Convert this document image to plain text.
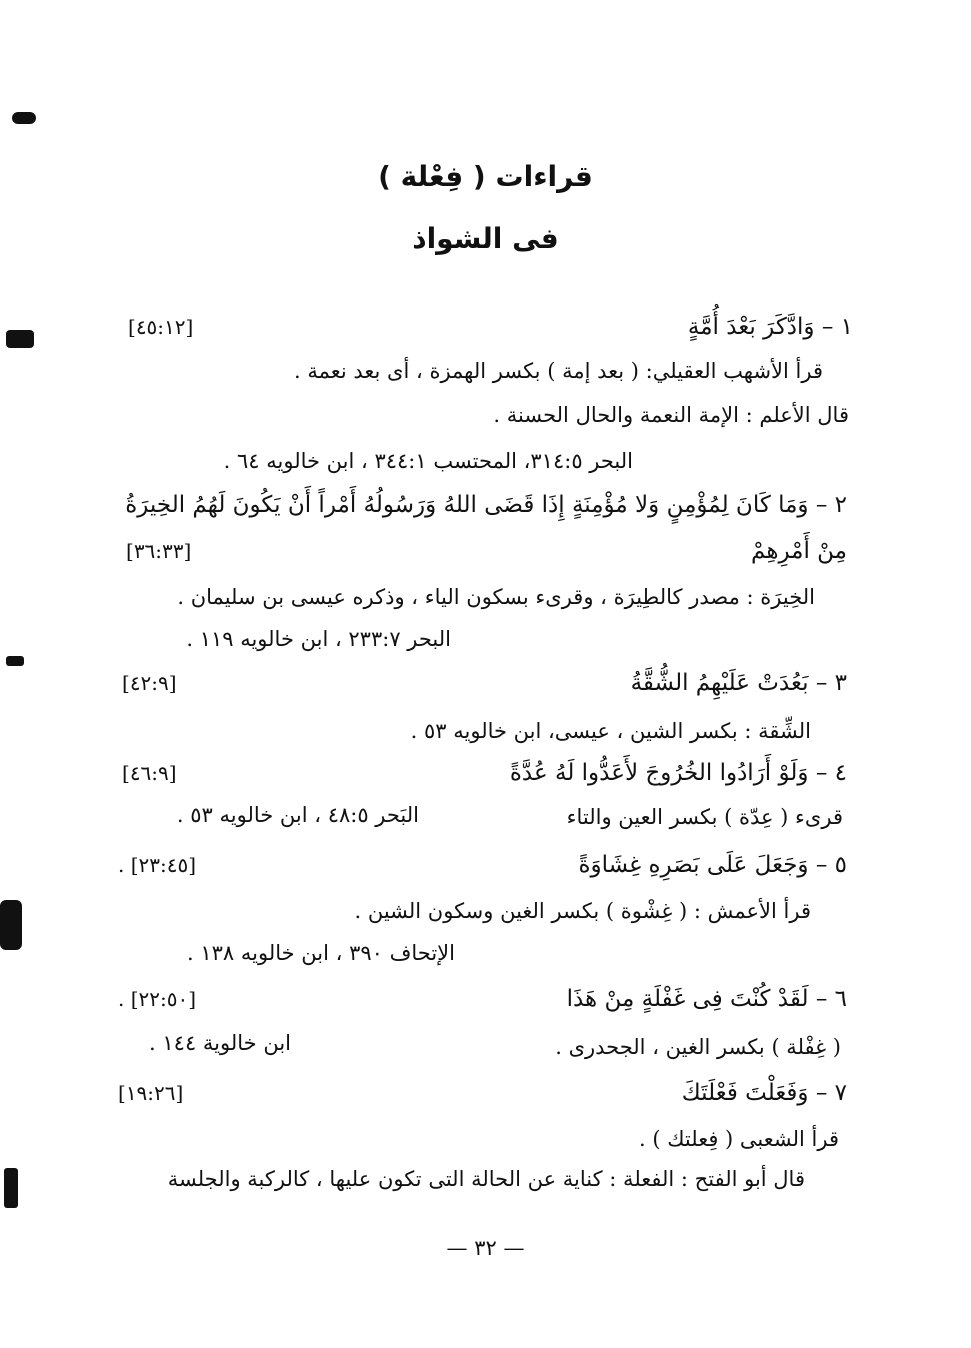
قراءات ( فِعْلة )
فى الشواذ
١ – وَادَّكَرَ بَعْدَ أُمَّةٍ
[٤٥:١٢]
قرأ الأشهب العقيلي: ( بعد إمة ) بكسر الهمزة ، أى بعد نعمة .
قال الأعلم : الإمة النعمة والحال الحسنة .
البحر ٣١٤:٥، المحتسب ٣٤٤:١ ، ابن خالويه ٦٤ .
٢ – وَمَا كَانَ لِمُؤْمِنٍ وَلا مُؤْمِنَةٍ إِذَا قَضَى اللهُ وَرَسُولُهُ أَمْراً أَنْ يَكُونَ لَهُمُ الخِيرَةُ
مِنْ أَمْرِهِمْ
[٣٦:٣٣]
الخِيرَة : مصدر كالطِيرَة ، وقرىء بسكون الياء ، وذكره عيسى بن سليمان .
البحر ٢٣٣:٧ ، ابن خالويه ١١٩ .
٣ – بَعُدَتْ عَلَيْهِمُ الشُّقَّةُ
[٤٢:٩]
الشِّقة : بكسر الشين ، عيسى، ابن خالويه ٥٣ .
٤ – وَلَوْ أَرَادُوا الخُرُوجَ لأَعَدُّوا لَهُ عُدَّةً
[٤٦:٩]
قرىء ( عِدّة ) بكسر العين والتاء
البَحر ٤٨:٥ ، ابن خالويه ٥٣ .
٥ – وَجَعَلَ عَلَى بَصَرِهِ غِشَاوَةً
. [٢٣:٤٥]
قرأ الأعمش : ( غِشْوة ) بكسر الغين وسكون الشين .
الإتحاف ٣٩٠ ، ابن خالويه ١٣٨ .
٦ – لَقَدْ كُنْتَ فِى غَفْلَةٍ مِنْ هَذَا
. [٢٢:٥٠]
( غِفْلة ) بكسر الغين ، الجحدرى .
ابن خالوية ١٤٤ .
٧ – وَفَعَلْتَ فَعْلَتَكَ
[١٩:٢٦]
قرأ الشعبى ( فِعلتك ) .
قال أبو الفتح : الفعلة : كناية عن الحالة التى تكون عليها ، كالركبة والجلسة
— ٣٢ —
